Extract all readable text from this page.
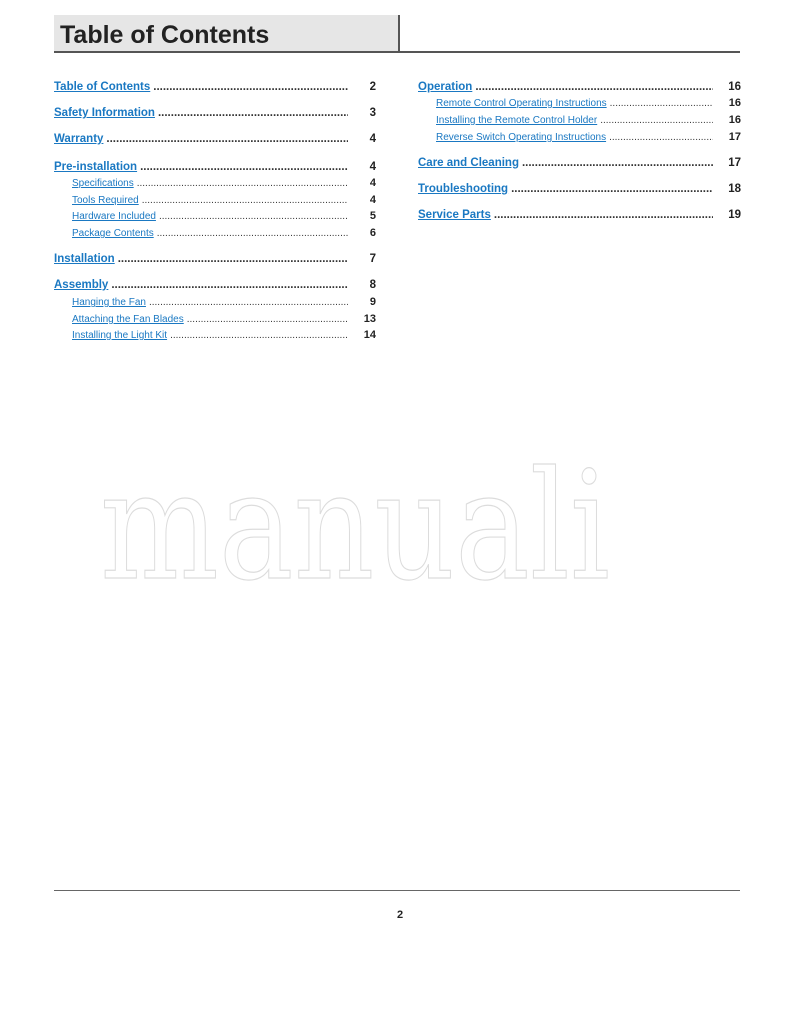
Table of Contents
Table of Contents .....	2
Safety Information .....	3
Warranty .....	4
Pre-installation .....	4
Specifications .....	4
Tools Required .....	4
Hardware Included .....	5
Package Contents .....	6
Installation .....	7
Assembly .....	8
Hanging the Fan .....	9
Attaching the Fan Blades .....	13
Installing the Light Kit .....	14
Operation .....	16
Remote Control Operating Instructions .....	16
Installing the Remote Control Holder .....	16
Reverse Switch Operating Instructions .....	17
Care and Cleaning .....	17
Troubleshooting .....	18
Service Parts .....	19
manuali
2
